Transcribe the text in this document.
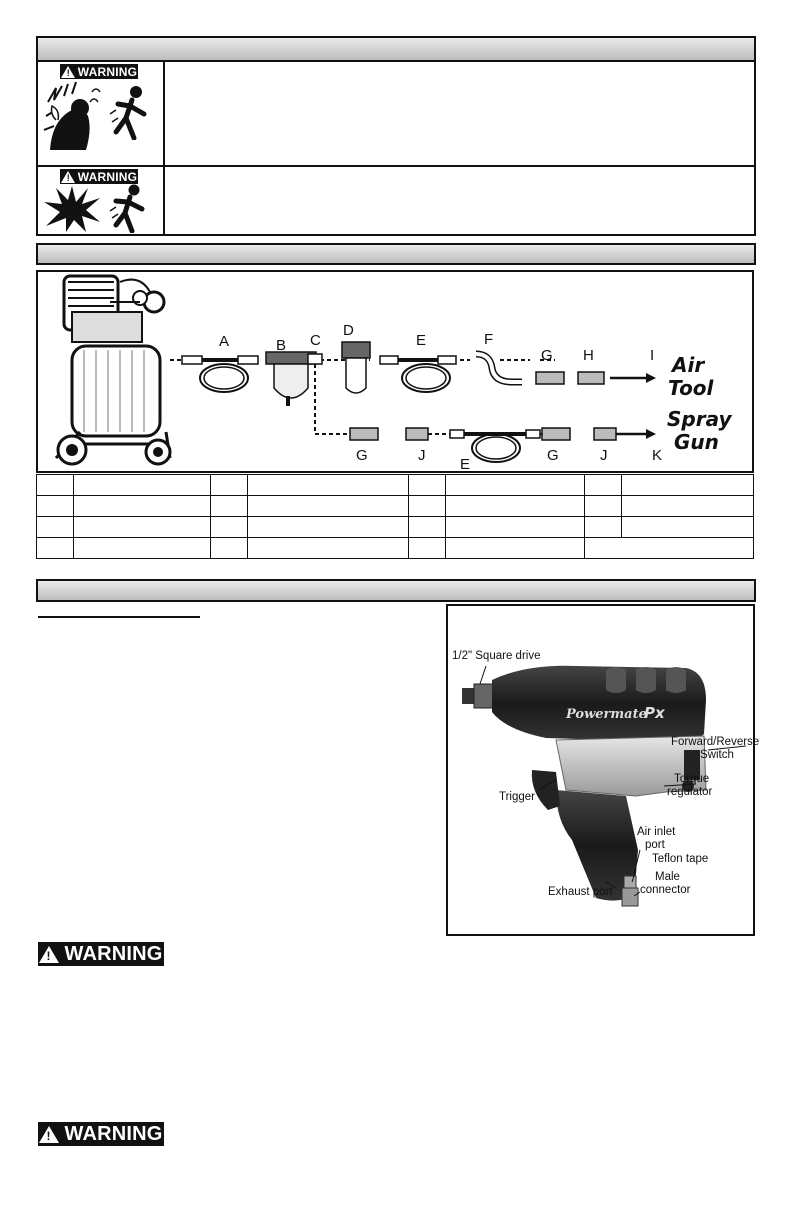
! WARNING
! WARNING
A	B C
D
E	F
G H	I
G	J
E
G	J	K
Air
Tool
Spray
Gun

Powermate
Px
1/2" Square drive
Forward/Reverse
Switch
Torque
regulator
Trigger
Air inlet
port
Teflon tape
Male
connector
Exhaust port
! WARNING
! WARNING
